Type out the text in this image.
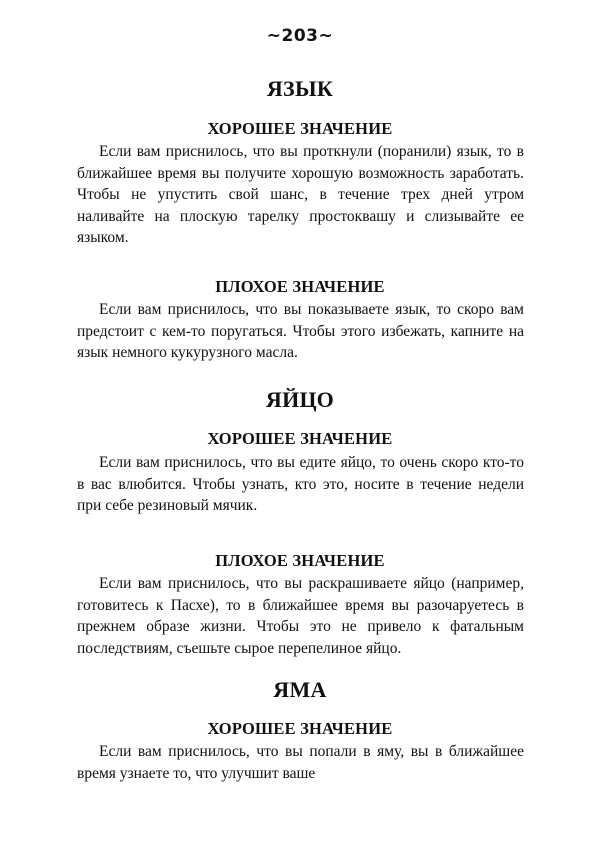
~203~
ЯЗЫК
ХОРОШЕЕ ЗНАЧЕНИЕ

Если вам приснилось, что вы проткнули (поранили) язык, то в ближайшее время вы получите хорошую возможность заработать. Чтобы не упустить свой шанс, в течение трех дней утром наливайте на плоскую тарелку простоквашу и слизывайте ее языком.

ПЛОХОЕ ЗНАЧЕНИЕ

Если вам приснилось, что вы показываете язык, то скоро вам предстоит с кем-то поругаться. Чтобы этого избежать, капните на язык немного кукурузного масла.

ЯЙЦО
ХОРОШЕЕ ЗНАЧЕНИЕ

Если вам приснилось, что вы едите яйцо, то очень скоро кто-то в вас влюбится. Чтобы узнать, кто это, носите в течение недели при себе резиновый мячик.

ПЛОХОЕ ЗНАЧЕНИЕ

Если вам приснилось, что вы раскрашиваете яйцо (например, готовитесь к Пасхе), то в ближайшее время вы разочаруетесь в прежнем образе жизни. Чтобы это не привело к фатальным последствиям, съешьте сырое перепелиное яйцо.

ЯМА
ХОРОШЕЕ ЗНАЧЕНИЕ

Если вам приснилось, что вы попали в яму, вы в ближайшее время узнаете то, что улучшит ваше
